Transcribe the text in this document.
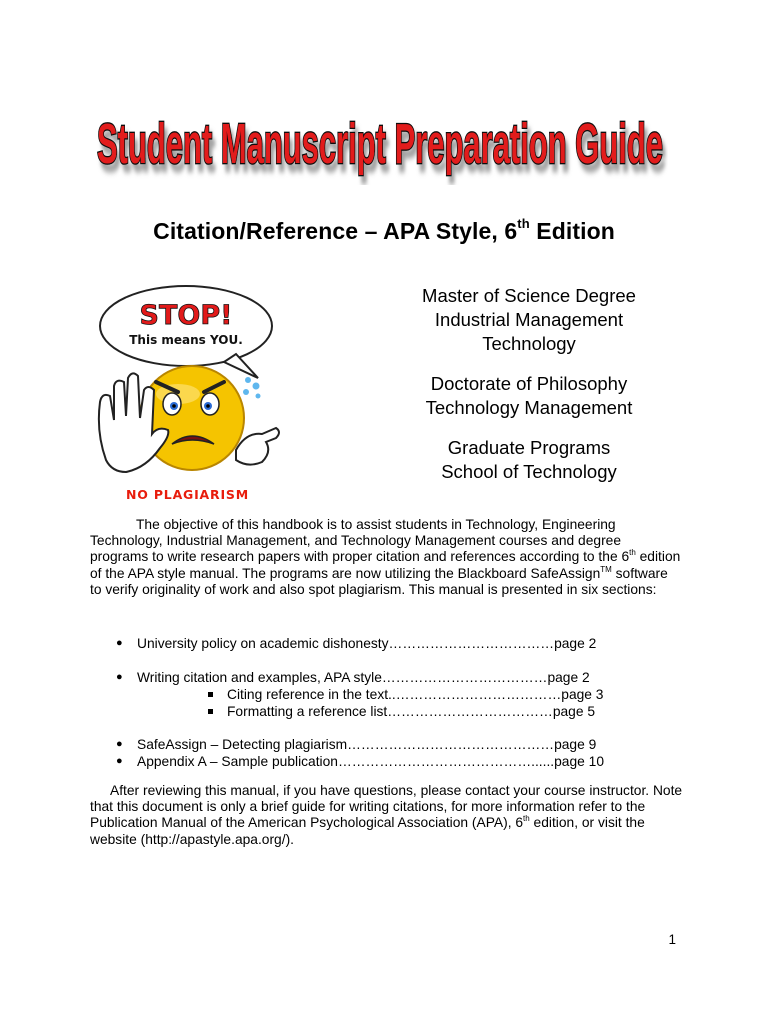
Student Manuscript Preparation Guide
Citation/Reference – APA Style, 6th Edition

Master of Science Degree
Industrial Management
Technology

Doctorate of Philosophy
Technology Management

Graduate Programs
School of Technology

STOP!
This means YOU.
NO PLAGIARISM
The objective of this handbook is to assist students in Technology, Engineering Technology, Industrial Management, and Technology Management courses and degree programs to write research papers with proper citation and references according to the 6th edition of the APA style manual. The programs are now utilizing the Blackboard SafeAssign™ software to verify originality of work and also spot plagiarism. This manual is presented in six sections:
● University policy on academic dishonesty………………………………page 2
● Writing citation and examples, APA style………………………………page 2
Citing reference in the text..………………………………page 3
Formatting a reference list………………………………page 5
● SafeAssign – Detecting plagiarism………………………………………page 9
● Appendix A – Sample publication……………………………………......page 10
After reviewing this manual, if you have questions, please contact your course instructor. Note that this document is only a brief guide for writing citations, for more information refer to the Publication Manual of the American Psychological Association (APA), 6th edition, or visit the website (http://apastyle.apa.org/).
1
